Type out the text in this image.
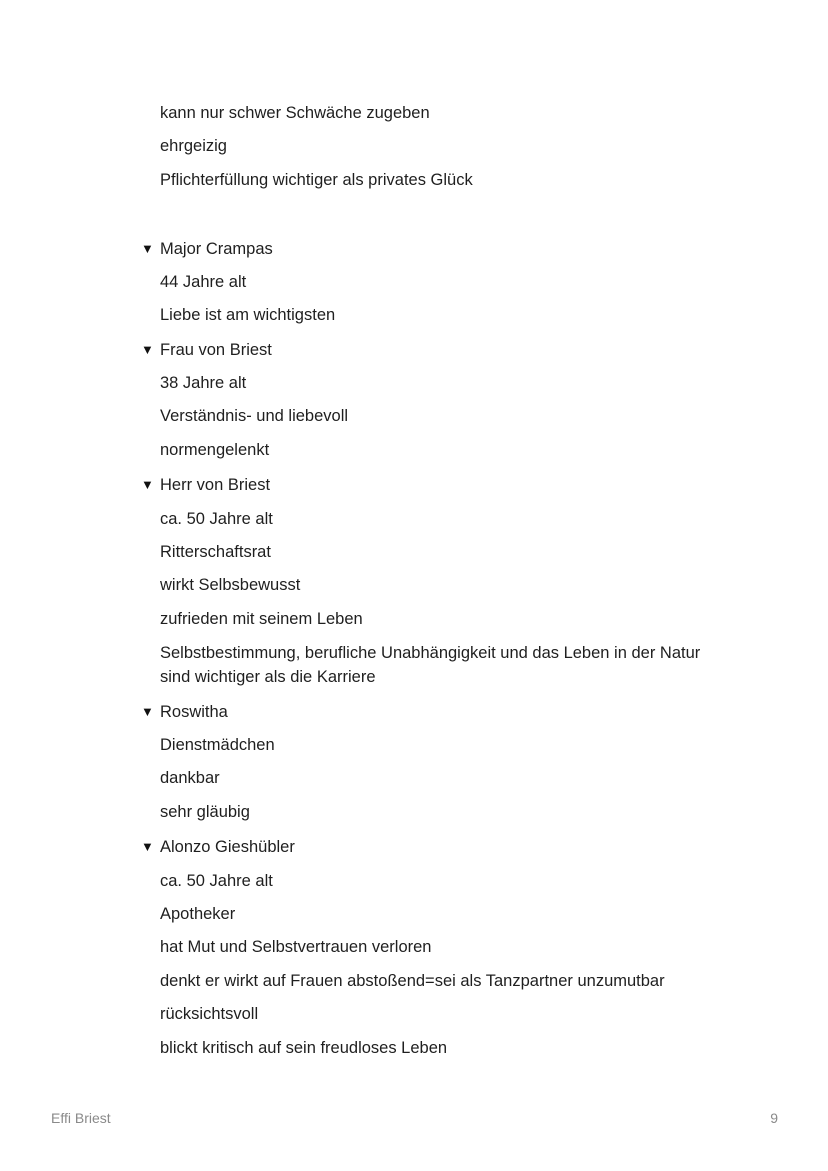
kann nur schwer Schwäche zugeben
ehrgeizig
Pflichterfüllung wichtiger als privates Glück
▼ Major Crampas
44 Jahre alt
Liebe ist am wichtigsten
▼ Frau von Briest
38 Jahre alt
Verständnis- und liebevoll
normengelenkt
▼ Herr von Briest
ca. 50 Jahre alt
Ritterschaftsrat
wirkt Selbsbewusst
zufrieden mit seinem Leben
Selbstbestimmung, berufliche Unabhängigkeit und das Leben in der Natur sind wichtiger als die Karriere
▼ Roswitha
Dienstmädchen
dankbar
sehr gläubig
▼ Alonzo Gieshübler
ca. 50 Jahre alt
Apotheker
hat Mut und Selbstvertrauen verloren
denkt er wirkt auf Frauen abstoßend=sei als Tanzpartner unzumutbar
rücksichtsvoll
blickt kritisch auf sein freudloses Leben
Effi Briest	9
